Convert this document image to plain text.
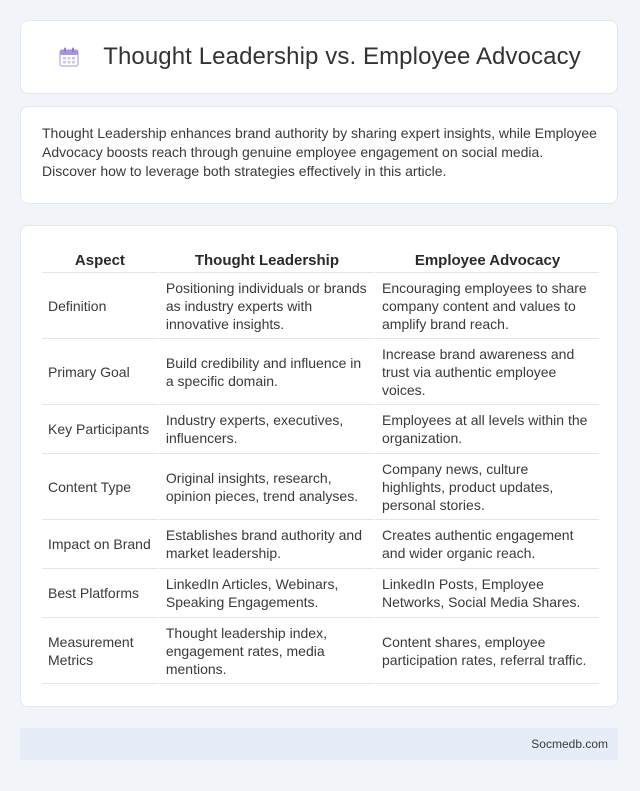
Thought Leadership vs. Employee Advocacy

Thought Leadership enhances brand authority by sharing expert insights, while Employee Advocacy boosts reach through genuine employee engagement on social media. Discover how to leverage both strategies effectively in this article.

Aspect	Thought Leadership	Employee Advocacy
Definition	Positioning individuals or brands as industry experts with innovative insights.	Encouraging employees to share company content and values to amplify brand reach.
Primary Goal	Build credibility and influence in a specific domain.	Increase brand awareness and trust via authentic employee voices.
Key Participants	Industry experts, executives, influencers.	Employees at all levels within the organization.
Content Type	Original insights, research, opinion pieces, trend analyses.	Company news, culture highlights, product updates, personal stories.
Impact on Brand	Establishes brand authority and market leadership.	Creates authentic engagement and wider organic reach.
Best Platforms	LinkedIn Articles, Webinars, Speaking Engagements.	LinkedIn Posts, Employee Networks, Social Media Shares.
Measurement Metrics	Thought leadership index, engagement rates, media mentions.	Content shares, employee participation rates, referral traffic.
Socmedb.com
